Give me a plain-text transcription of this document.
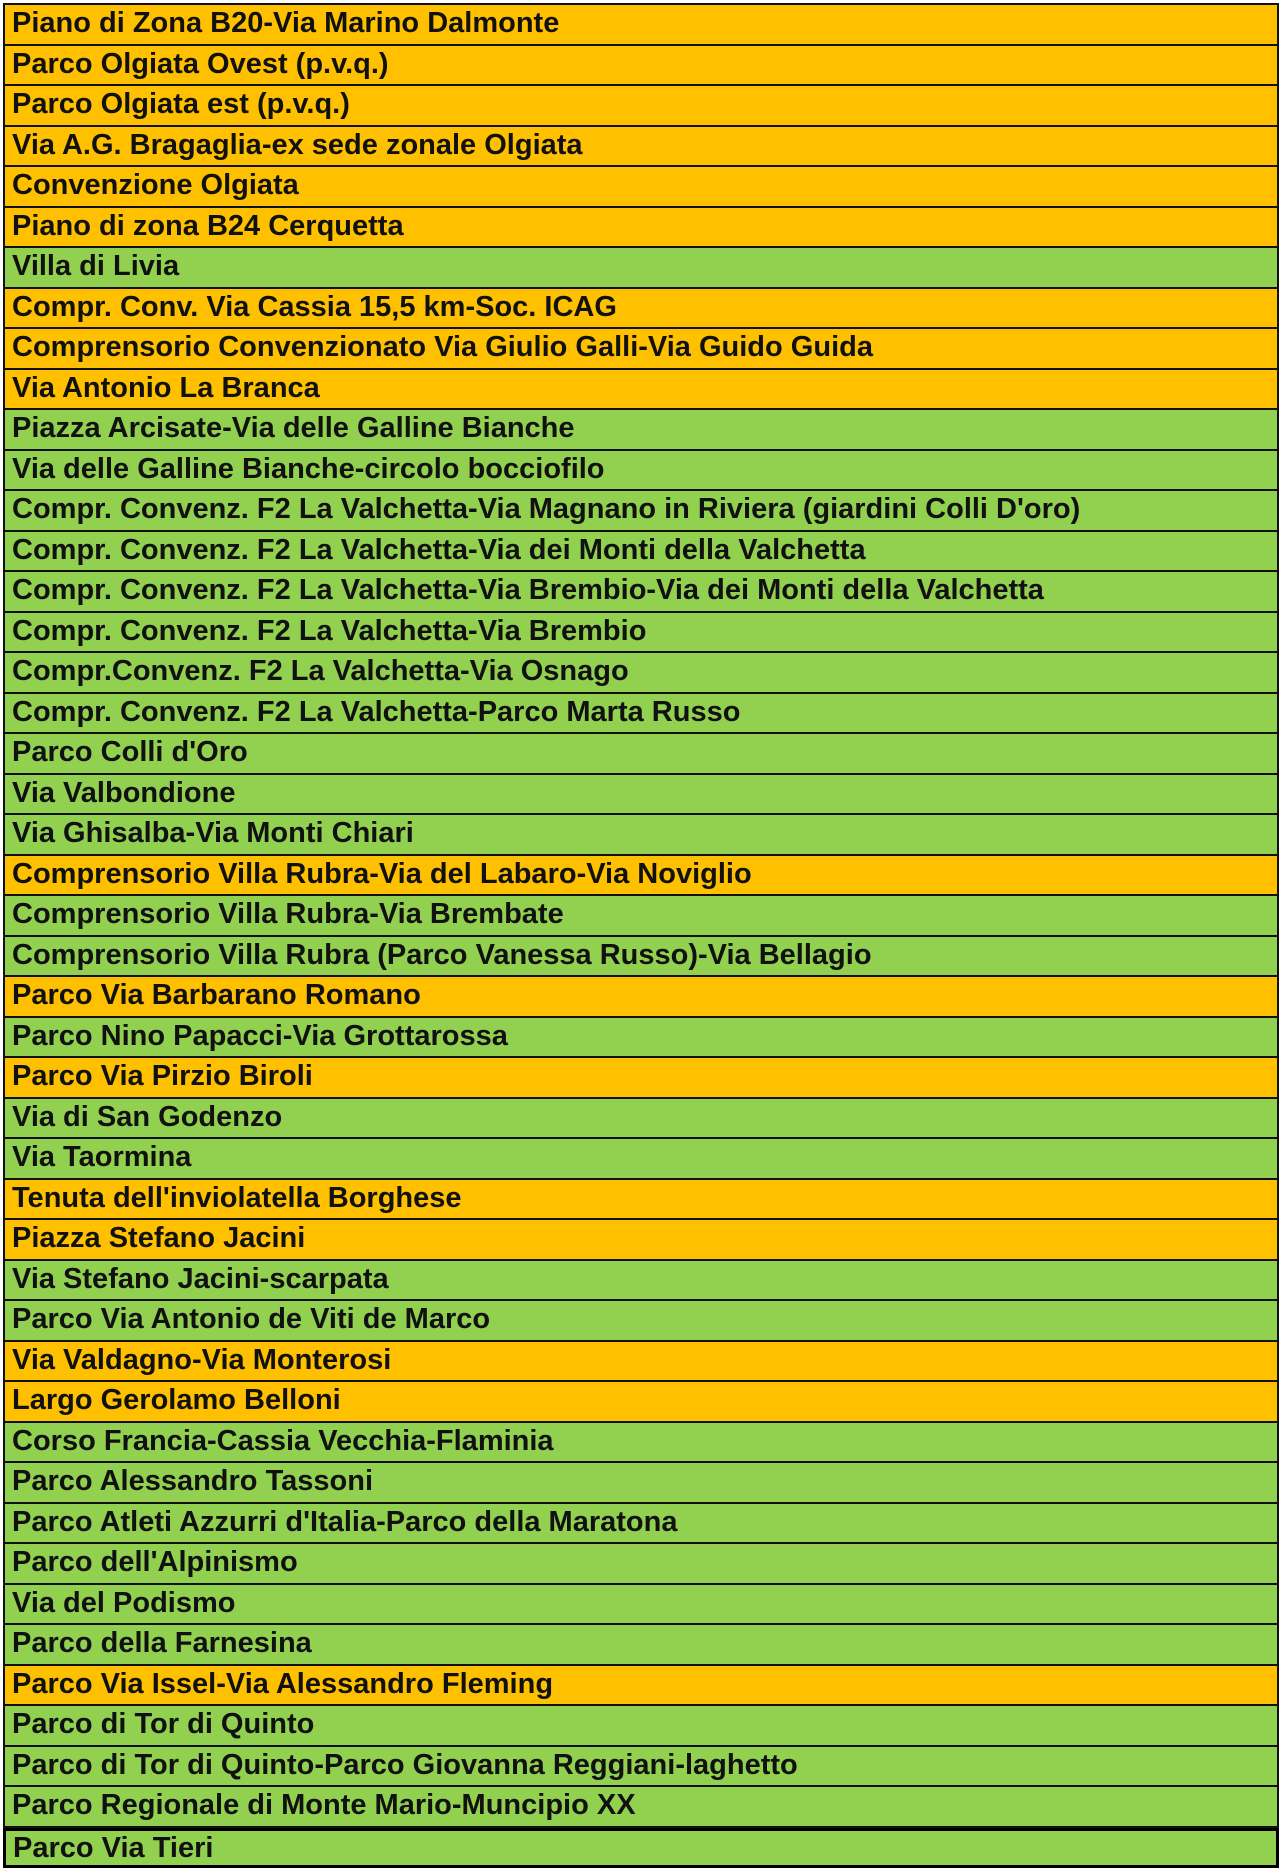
Piano di Zona B20-Via Marino Dalmonte
Parco Olgiata Ovest (p.v.q.)
Parco Olgiata est (p.v.q.)
Via A.G. Bragaglia-ex sede zonale Olgiata
Convenzione Olgiata
Piano di zona B24 Cerquetta
Villa di Livia
Compr. Conv. Via Cassia 15,5 km-Soc. ICAG
Comprensorio Convenzionato Via Giulio Galli-Via Guido Guida
Via Antonio La Branca
Piazza Arcisate-Via delle Galline Bianche
Via delle Galline Bianche-circolo bocciofilo
Compr. Convenz. F2 La Valchetta-Via Magnano in Riviera (giardini Colli D'oro)
Compr. Convenz. F2 La Valchetta-Via dei Monti della Valchetta
Compr. Convenz. F2 La Valchetta-Via Brembio-Via dei Monti della Valchetta
Compr. Convenz. F2 La Valchetta-Via Brembio
Compr.Convenz. F2 La Valchetta-Via Osnago
Compr. Convenz. F2 La Valchetta-Parco Marta Russo
Parco Colli d'Oro
Via Valbondione
Via Ghisalba-Via Monti Chiari
Comprensorio Villa Rubra-Via del Labaro-Via Noviglio
Comprensorio Villa Rubra-Via Brembate
Comprensorio Villa Rubra (Parco Vanessa Russo)-Via Bellagio
Parco Via Barbarano Romano
Parco Nino Papacci-Via Grottarossa
Parco Via Pirzio Biroli
Via di San Godenzo
Via Taormina
Tenuta dell'inviolatella Borghese
Piazza Stefano Jacini
Via Stefano Jacini-scarpata
Parco Via Antonio de Viti de Marco
Via Valdagno-Via Monterosi
Largo Gerolamo Belloni
Corso Francia-Cassia Vecchia-Flaminia
Parco Alessandro Tassoni
Parco Atleti Azzurri d'Italia-Parco della Maratona
Parco dell'Alpinismo
Via del Podismo
Parco della Farnesina
Parco Via Issel-Via Alessandro Fleming
Parco di Tor di Quinto
Parco di Tor di Quinto-Parco Giovanna Reggiani-laghetto
Parco Regionale di Monte Mario-Muncipio XX
Parco Via Tieri
